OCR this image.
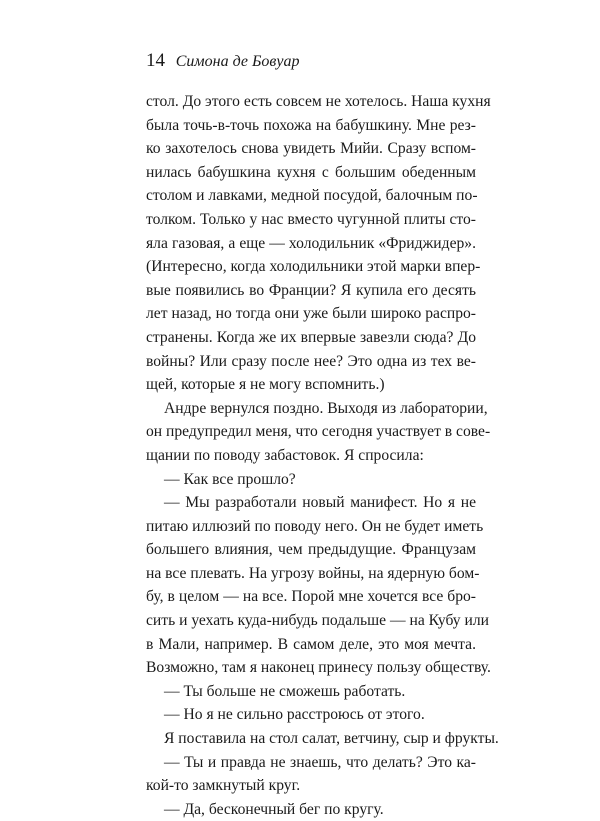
14 Симона де Бовуар
стол. До этого есть совсем не хотелось. Наша кухня
была точь-в-точь похожа на бабушкину. Мне рез-
ко захотелось снова увидеть Мийи. Сразу вспом-
нилась бабушкина кухня с большим обеденным
столом и лавками, медной посудой, балочным по-
толком. Только у нас вместо чугунной плиты сто-
яла газовая, а еще — холодильник «Фриджидер».
(Интересно, когда холодильники этой марки впер-
вые появились во Франции? Я купила его десять
лет назад, но тогда они уже были широко распро-
странены. Когда же их впервые завезли сюда? До
войны? Или сразу после нее? Это одна из тех ве-
щей, которые я не могу вспомнить.)
Андре вернулся поздно. Выходя из лаборатории,
он предупредил меня, что сегодня участвует в сове-
щании по поводу забастовок. Я спросила:
— Как все прошло?
— Мы разработали новый манифест. Но я не
питаю иллюзий по поводу него. Он не будет иметь
большего влияния, чем предыдущие. Французам
на все плевать. На угрозу войны, на ядерную бом-
бу, в целом — на все. Порой мне хочется все бро-
сить и уехать куда-нибудь подальше — на Кубу или
в Мали, например. В самом деле, это моя мечта.
Возможно, там я наконец принесу пользу обществу.
— Ты больше не сможешь работать.
— Но я не сильно расстроюсь от этого.
Я поставила на стол салат, ветчину, сыр и фрукты.
— Ты и правда не знаешь, что делать? Это ка-
кой-то замкнутый круг.
— Да, бесконечный бег по кругу.
